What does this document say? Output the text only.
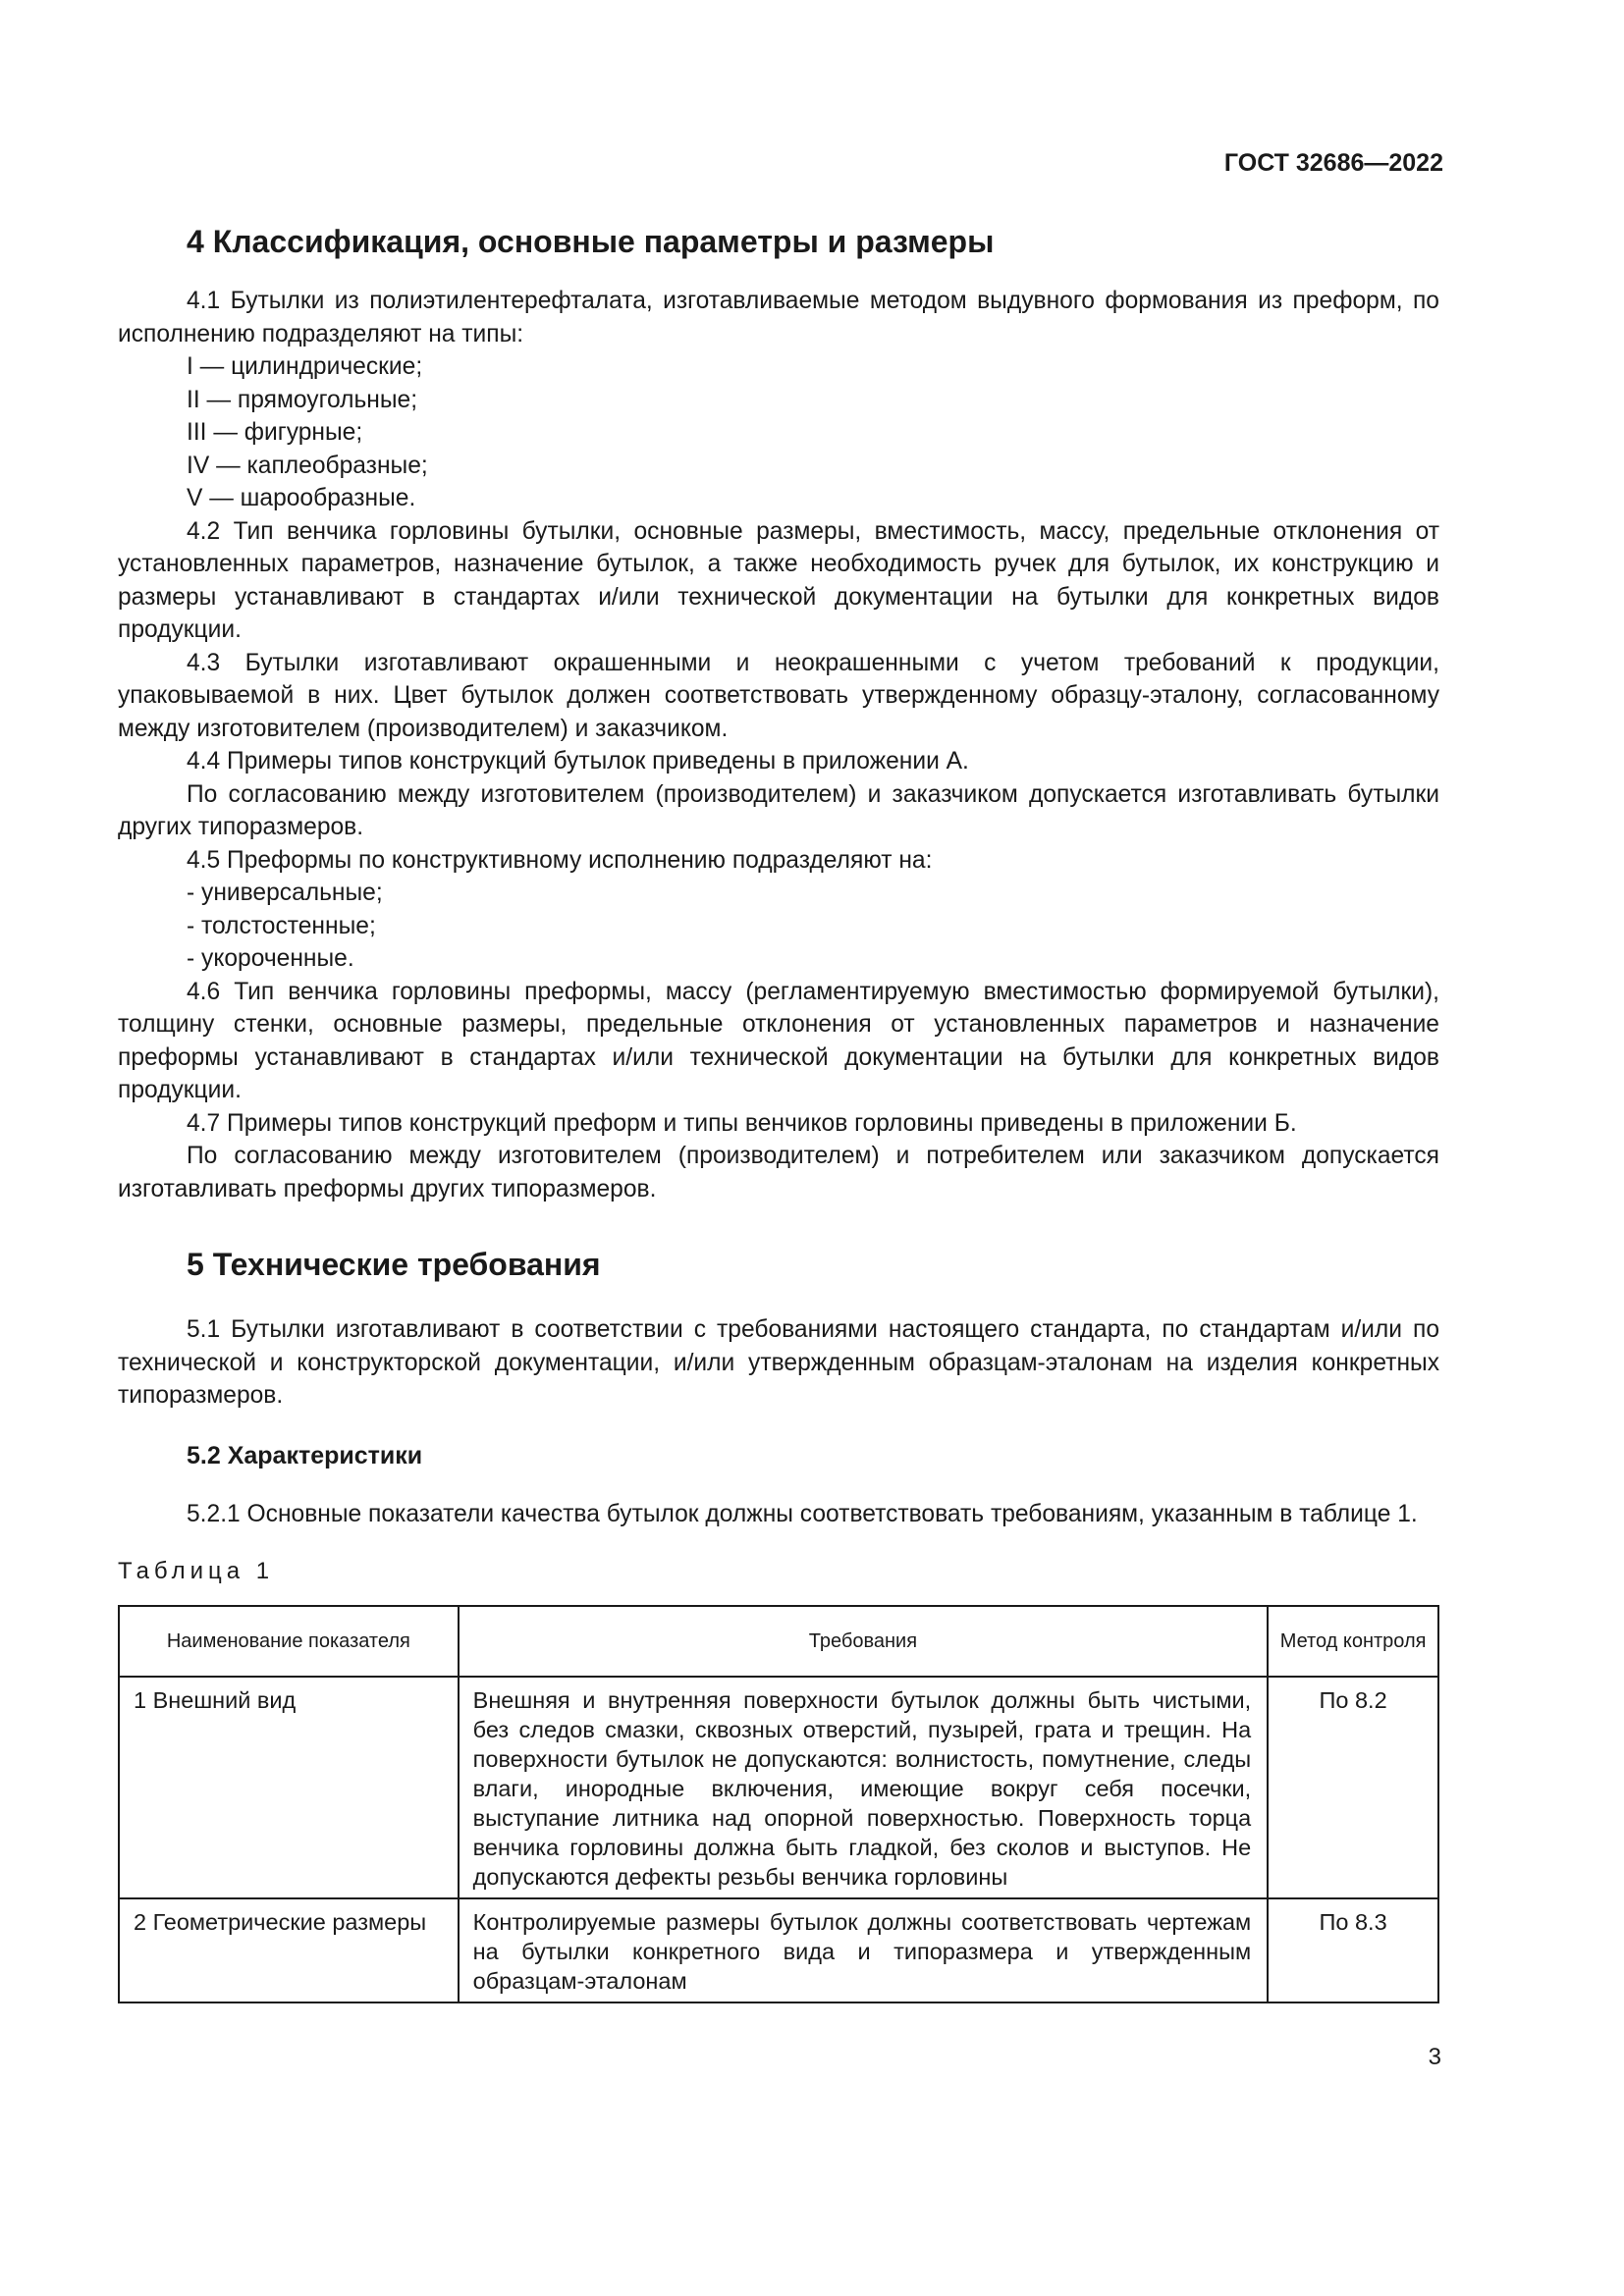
ГОСТ 32686—2022
4 Классификация, основные параметры и размеры

4.1 Бутылки из полиэтилентерефталата, изготавливаемые методом выдувного формования из преформ, по исполнению подразделяют на типы:

I — цилиндрические;

II — прямоугольные;

III — фигурные;

IV — каплеобразные;

V — шарообразные.

4.2 Тип венчика горловины бутылки, основные размеры, вместимость, массу, предельные отклонения от установленных параметров, назначение бутылок, а также необходимость ручек для бутылок, их конструкцию и размеры устанавливают в стандартах и/или технической документации на бутылки для конкретных видов продукции.

4.3 Бутылки изготавливают окрашенными и неокрашенными с учетом требований к продукции, упаковываемой в них. Цвет бутылок должен соответствовать утвержденному образцу-эталону, согласованному между изготовителем (производителем) и заказчиком.

4.4 Примеры типов конструкций бутылок приведены в приложении А.

По согласованию между изготовителем (производителем) и заказчиком допускается изготавливать бутылки других типоразмеров.

4.5 Преформы по конструктивному исполнению подразделяют на:

- универсальные;

- толстостенные;

- укороченные.

4.6 Тип венчика горловины преформы, массу (регламентируемую вместимостью формируемой бутылки), толщину стенки, основные размеры, предельные отклонения от установленных параметров и назначение преформы устанавливают в стандартах и/или технической документации на бутылки для конкретных видов продукции.

4.7 Примеры типов конструкций преформ и типы венчиков горловины приведены в приложении Б.

По согласованию между изготовителем (производителем) и потребителем или заказчиком допускается изготавливать преформы других типоразмеров.

5 Технические требования

5.1 Бутылки изготавливают в соответствии с требованиями настоящего стандарта, по стандартам и/или по технической и конструкторской документации, и/или утвержденным образцам-эталонам на изделия конкретных типоразмеров.

5.2 Характеристики

5.2.1 Основные показатели качества бутылок должны соответствовать требованиям, указанным в таблице 1.

Таблица 1

Наименование показателя	Требования	Метод контроля
1 Внешний вид	Внешняя и внутренняя поверхности бутылок должны быть чистыми, без следов смазки, сквозных отверстий, пузырей, грата и трещин. На поверхности бутылок не допускаются: волнистость, помутнение, следы влаги, инородные включения, имеющие вокруг себя посечки, выступание литника над опорной поверхностью. Поверхность торца венчика горловины должна быть гладкой, без сколов и выступов. Не допускаются дефекты резьбы венчика горловины	По 8.2
2 Геометрические размеры	Контролируемые размеры бутылок должны соответствовать чертежам на бутылки конкретного вида и типоразмера и утвержденным образцам-эталонам	По 8.3
3
